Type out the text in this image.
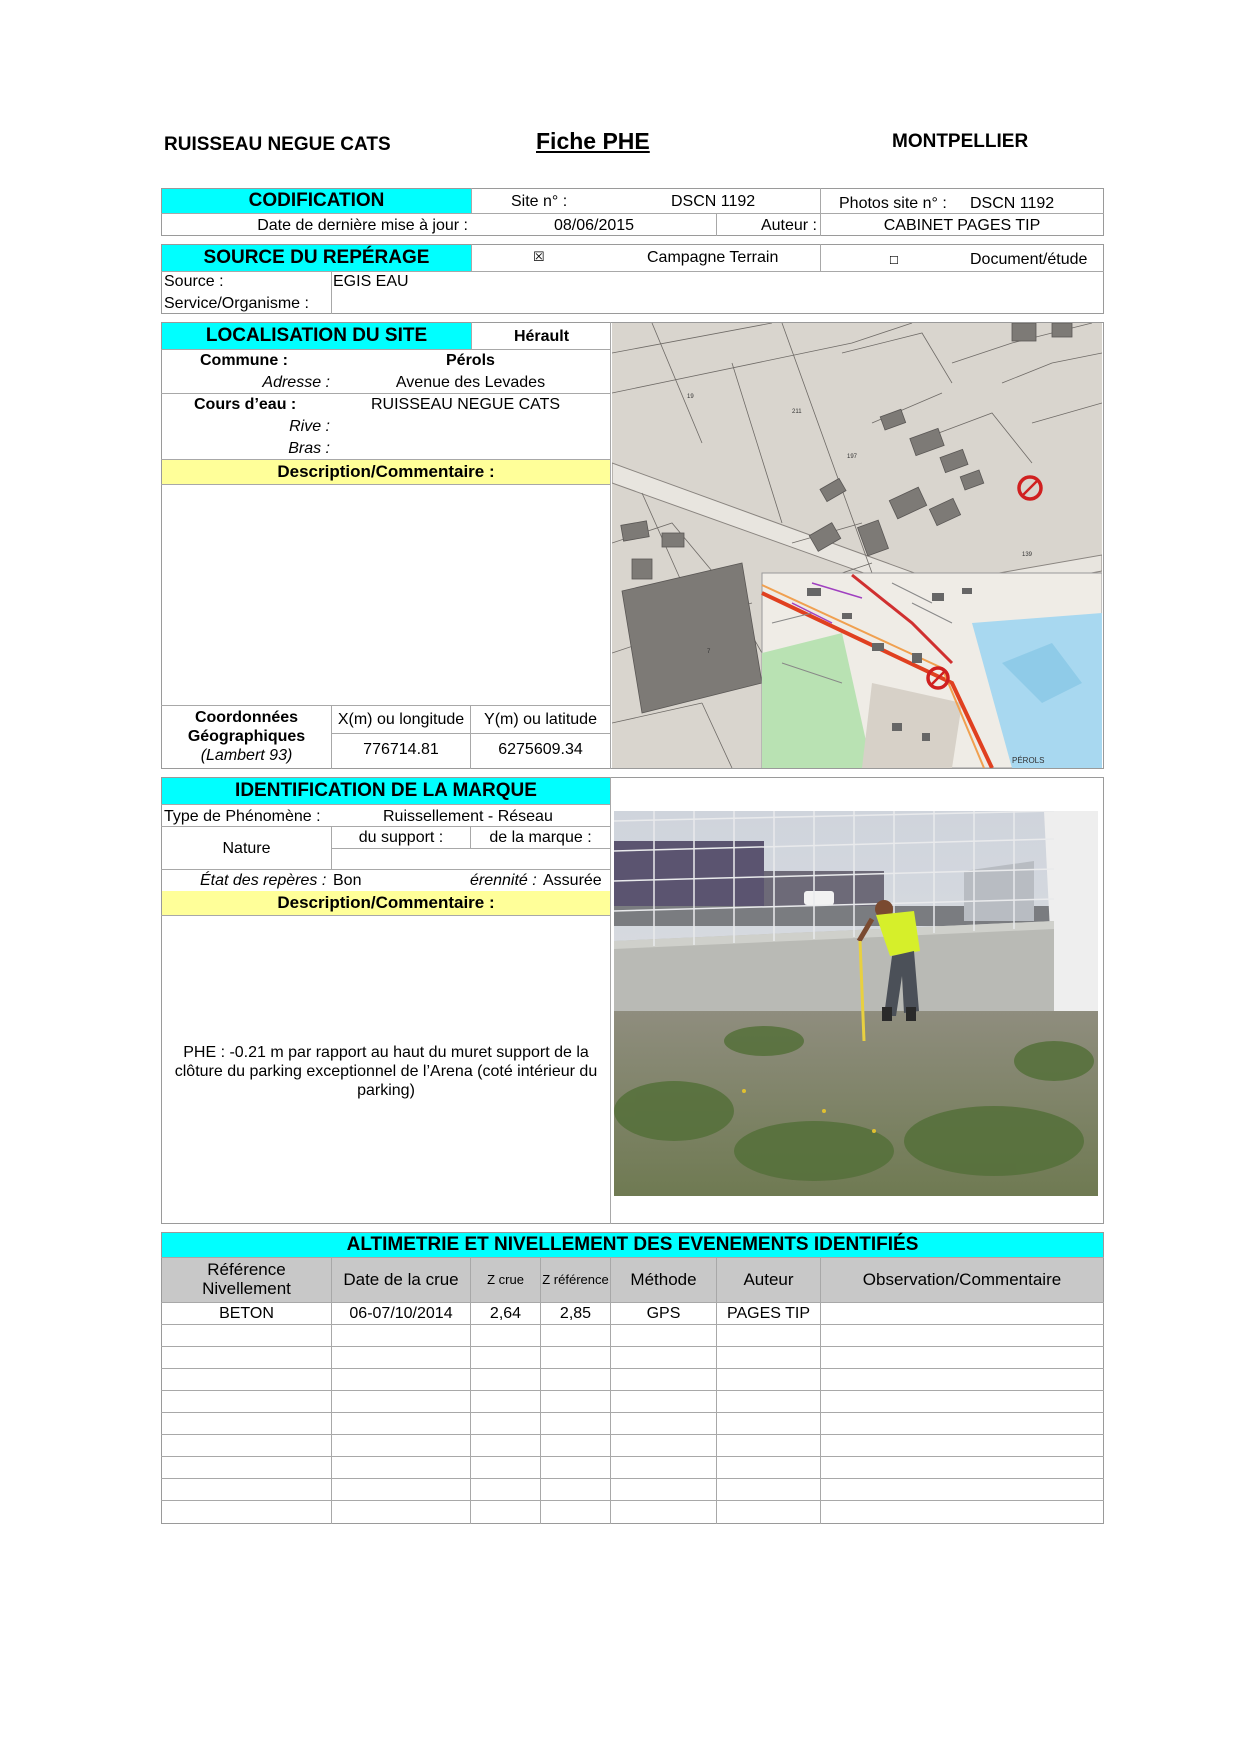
RUISSEAU NEGUE CATS	Fiche PHE	MONTPELLIER
CODIFICATION	Site n° :	DSCN 1192	Photos site n° : DSCN 1192
Date de dernière mise à jour :	08/06/2015	Auteur :	CABINET PAGES TIP
SOURCE DU REPÉRAGE	☒	Campagne Terrain	☐	Document/étude
Source :	EGIS EAU
Service/Organisme :
LOCALISATION DU SITE	Hérault
Commune :	Pérols
Adresse :	Avenue des Levades
Cours d’eau :	RUISSEAU NEGUE CATS
Rive :
Bras :
Description/Commentaire :
Coordonnées
Géographiques
(Lambert 93)
X(m) ou longitude	Y(m) ou latitude
776714.81	6275609.34
19
211
197
7
139
PÉROLS
IDENTIFICATION DE LA MARQUE
Type de Phénomène :	Ruissellement - Réseau
Nature
du support :	de la marque :
État des repères : Bon	érennité : Assurée
Description/Commentaire :
PHE : -0.21 m par rapport au haut du muret support de la clôture du parking exceptionnel de l’Arena (coté intérieur du parking)
ALTIMETRIE ET NIVELLEMENT DES EVENEMENTS IDENTIFIÉS
Référence Nivellement	Date de la crue	Z crue	Z référence	Méthode	Auteur	Observation/Commentaire
BETON	06-07/10/2014	2,64	2,85	GPS	PAGES TIP
